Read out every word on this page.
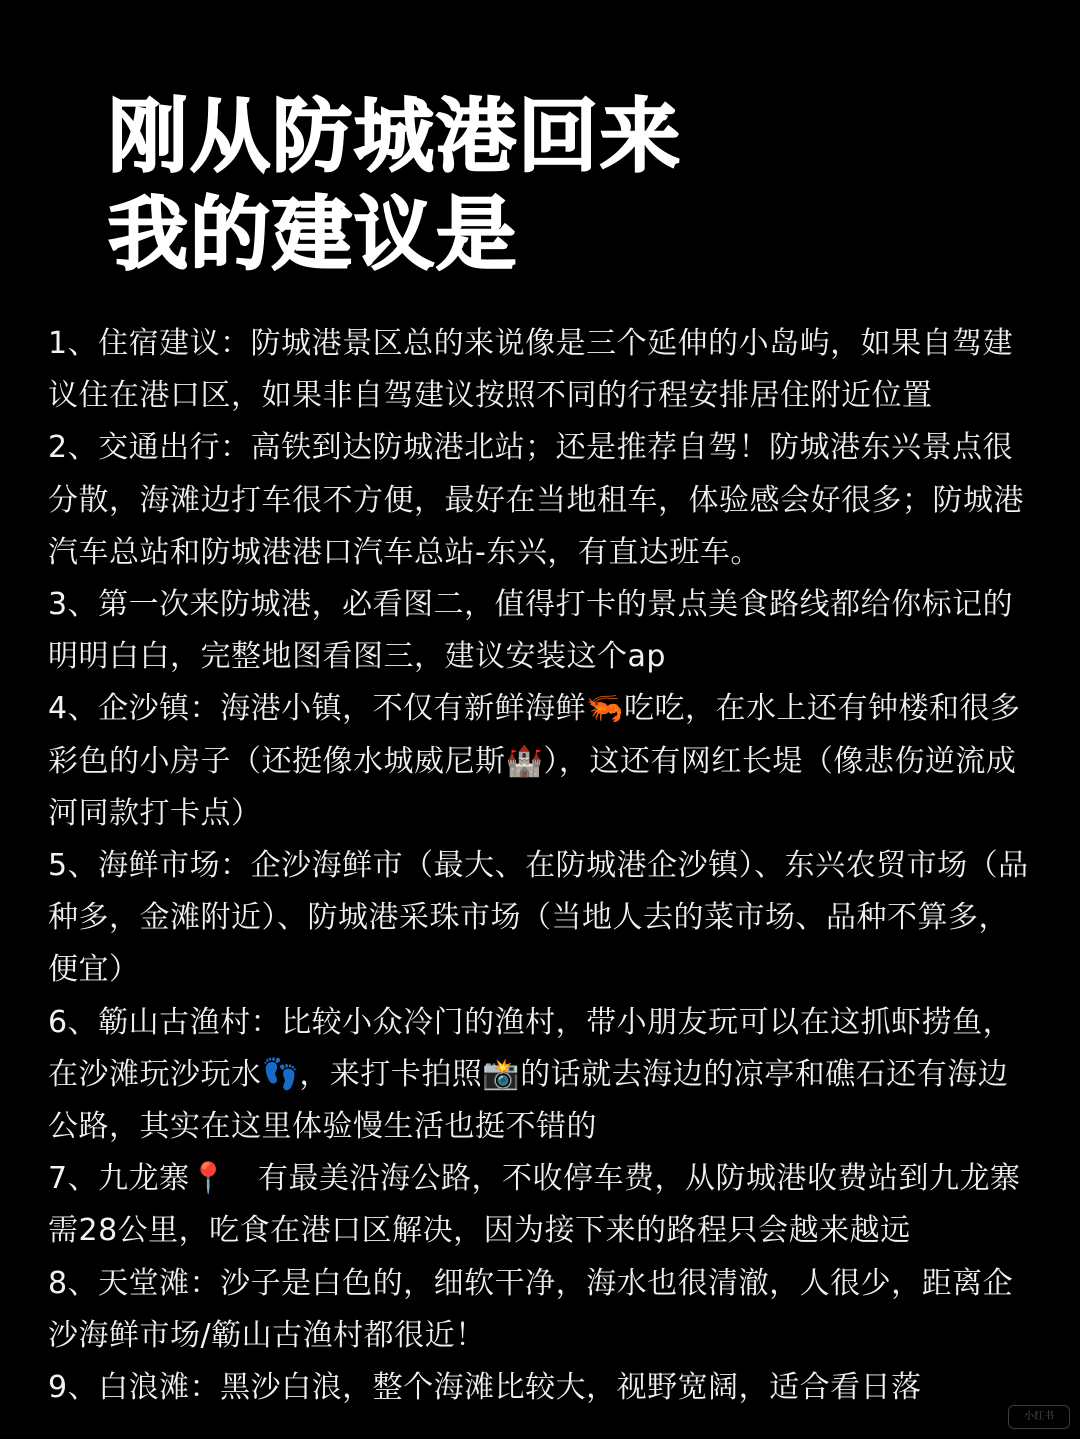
刚从防城港回来
我的建议是
1、住宿建议：防城港景区总的来说像是三个延伸的小岛屿，如果自驾建议住在港口区，如果非自驾建议按照不同的行程安排居住附近位置
2、交通出行：高铁到达防城港北站；还是推荐自驾！防城港东兴景点很分散，海滩边打车很不方便，最好在当地租车，体验感会好很多；防城港汽车总站和防城港港口汽车总站-东兴，有直达班车。
3、第一次来防城港，必看图二，值得打卡的景点美食路线都给你标记的明明白白，完整地图看图三，建议安装这个ap
4、企沙镇：海港小镇，不仅有新鲜海鲜🦐吃吃，在水上还有钟楼和很多彩色的小房子（还挺像水城威尼斯🏰），这还有网红长堤（像悲伤逆流成河同款打卡点）
5、海鲜市场：企沙海鲜市（最大、在防城港企沙镇）、东兴农贸市场（品种多，金滩附近）、防城港采珠市场（当地人去的菜市场、品种不算多，便宜）
6、簕山古渔村：比较小众冷门的渔村，带小朋友玩可以在这抓虾捞鱼，在沙滩玩沙玩水👣，来打卡拍照📸的话就去海边的凉亭和礁石还有海边公路，其实在这里体验慢生活也挺不错的
7、九龙寨📍　有最美沿海公路，不收停车费，从防城港收费站到九龙寨需28公里，吃食在港口区解决，因为接下来的路程只会越来越远
8、天堂滩：沙子是白色的，细软干净，海水也很清澈，人很少，距离企沙海鲜市场/簕山古渔村都很近！
9、白浪滩：黑沙白浪，整个海滩比较大，视野宽阔，适合看日落
小红书
